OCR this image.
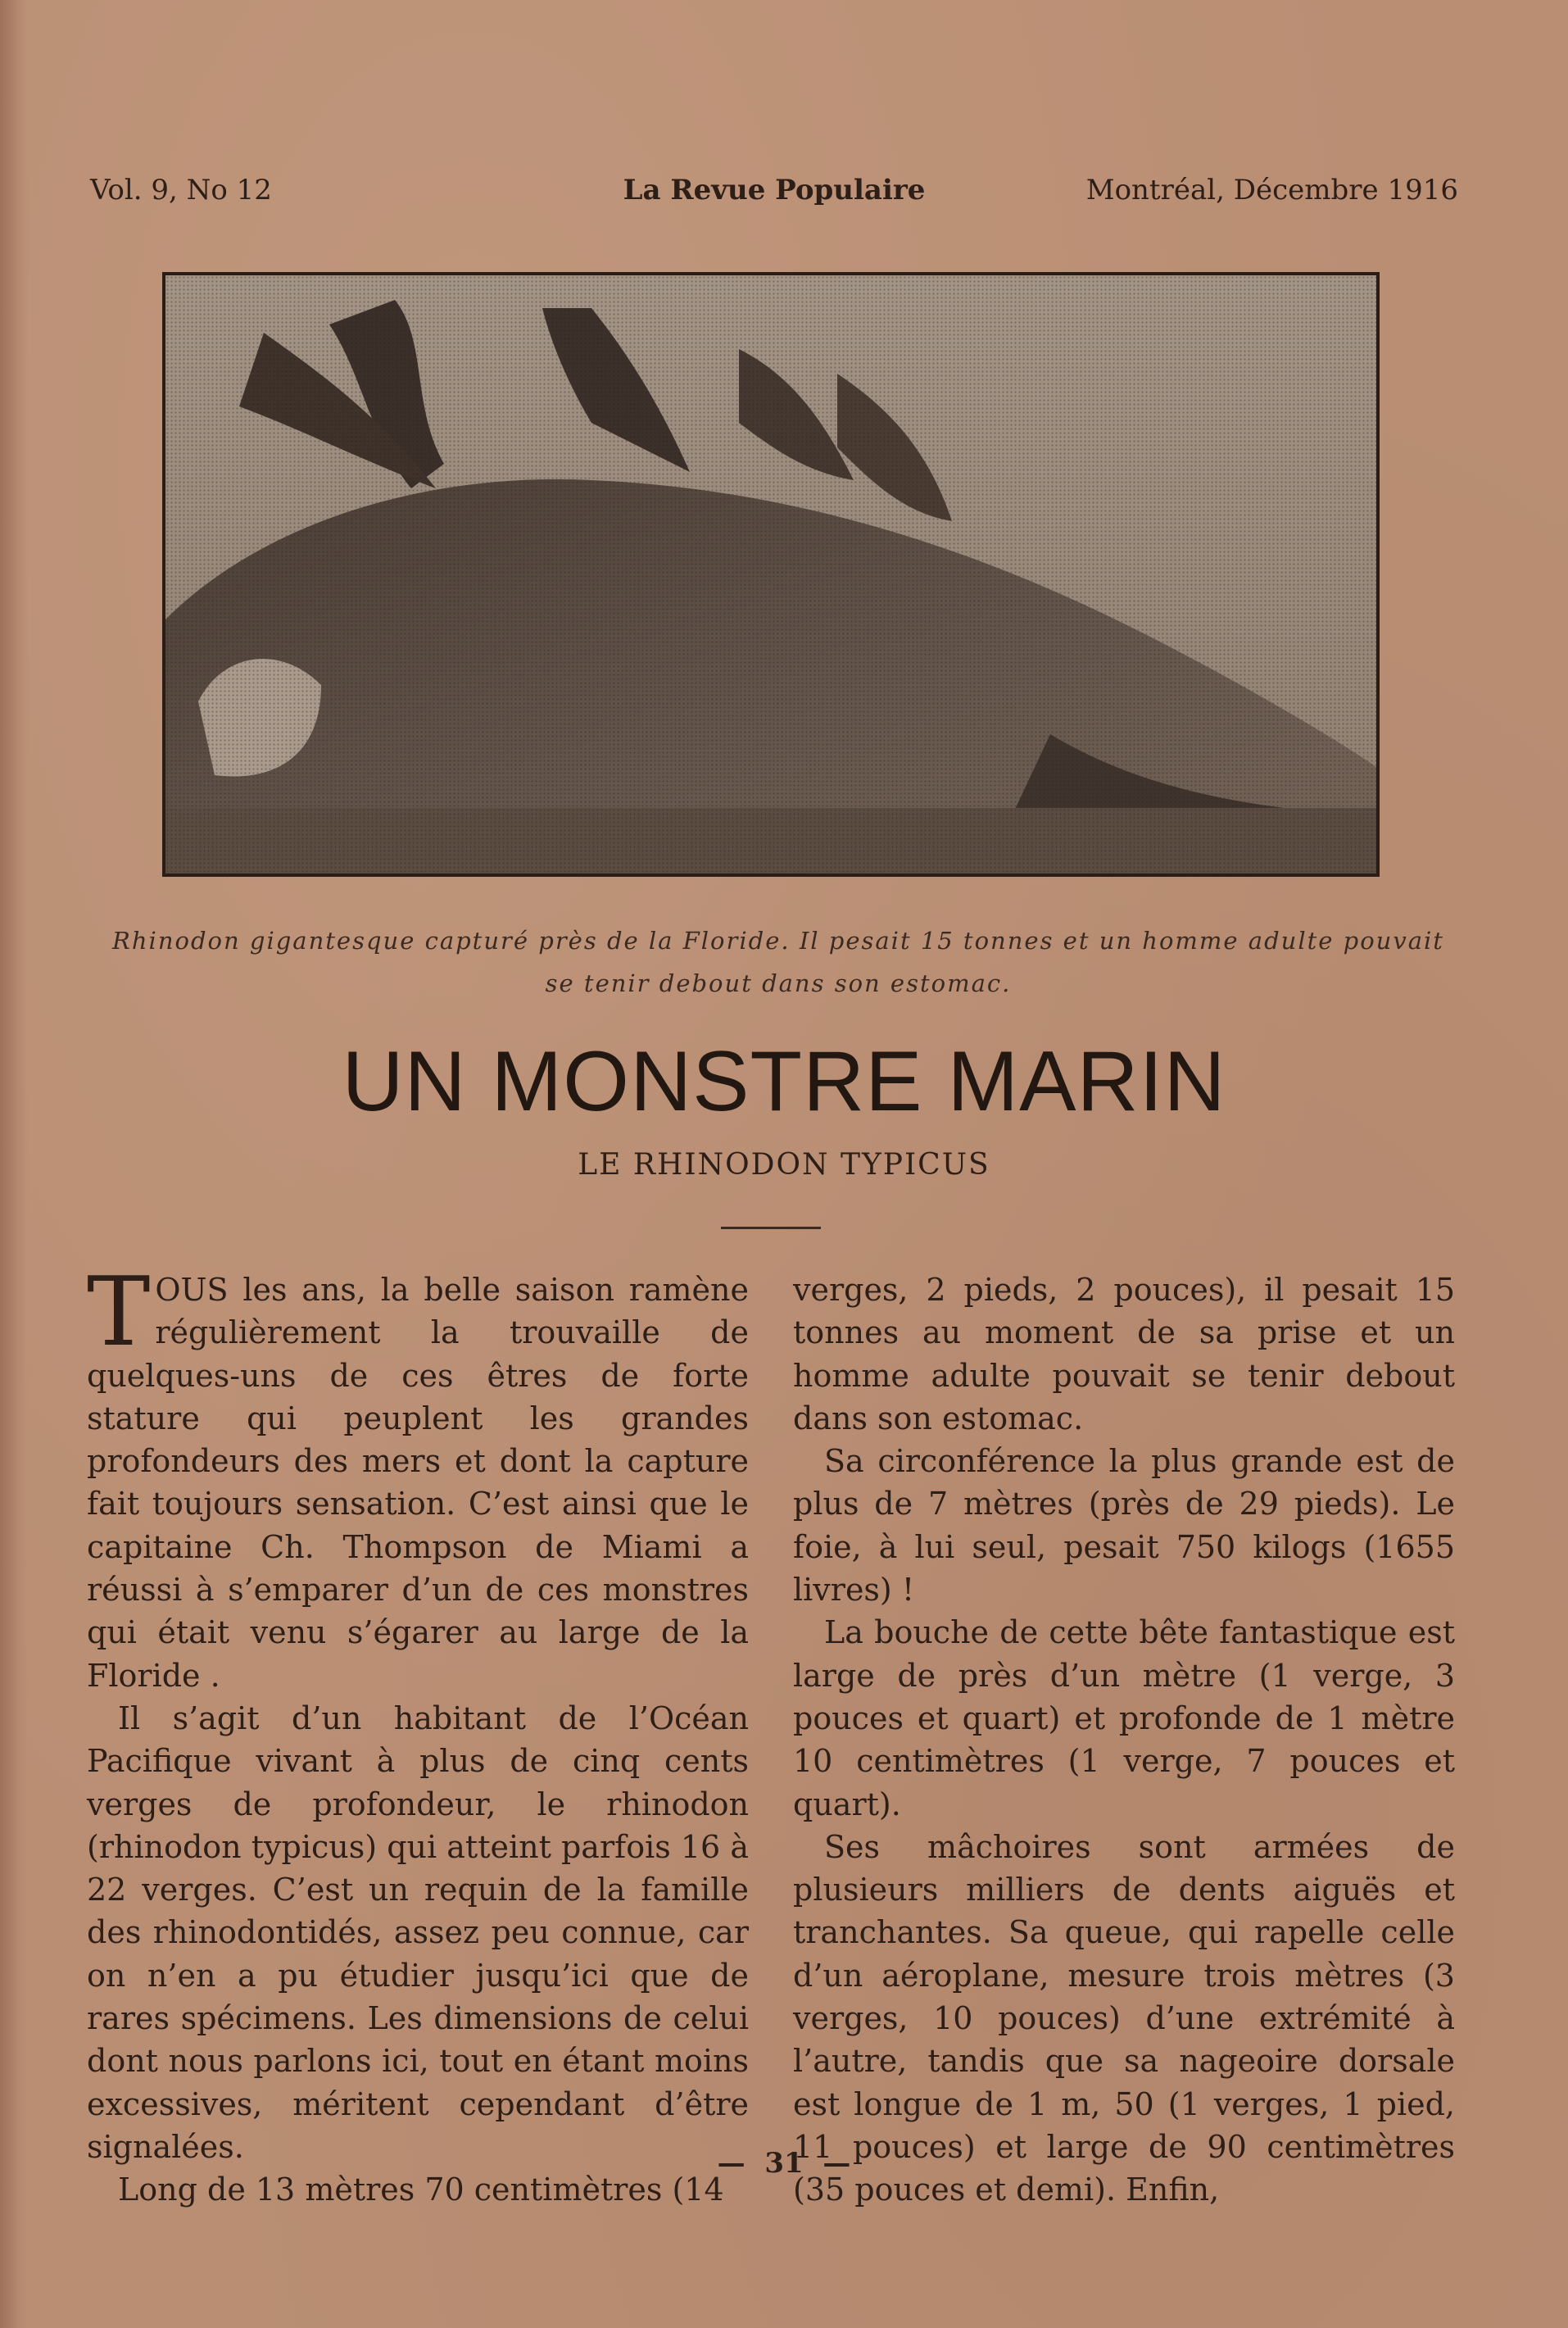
Vol. 9, No 12	La Revue Populaire	Montréal, Décembre 1916
Rhinodon gigantesque capturé près de la Floride. Il pesait 15 tonnes et un homme adulte pouvait
se tenir debout dans son estomac.
UN MONSTRE MARIN
LE RHINODON TYPICUS

TOUS les ans, la belle saison ramène régulièrement la trouvaille de quelques-uns de ces êtres de forte stature qui peuplent les grandes profondeurs des mers et dont la capture fait toujours sensation. C’est ainsi que le capitaine Ch. Thompson de Miami a réussi à s’emparer d’un de ces monstres qui était venu s’égarer au large de la Floride .

Il s’agit d’un habitant de l’Océan Pacifique vivant à plus de cinq cents verges de profondeur, le rhinodon (rhinodon typicus) qui atteint parfois 16 à 22 verges. C’est un requin de la famille des rhinodontidés, assez peu connue, car on n’en a pu étudier jusqu’ici que de rares spécimens. Les dimensions de celui dont nous parlons ici, tout en étant moins excessives, méritent cependant d’être signalées.

Long de 13 mètres 70 centimètres (14

verges, 2 pieds, 2 pouces), il pesait 15 tonnes au moment de sa prise et un homme adulte pouvait se tenir debout dans son estomac.

Sa circonférence la plus grande est de plus de 7 mètres (près de 29 pieds). Le foie, à lui seul, pesait 750 kilogs (1655 livres) !

La bouche de cette bête fantastique est large de près d’un mètre (1 verge, 3 pouces et quart) et profonde de 1 mètre 10 centimètres (1 verge, 7 pouces et quart).

Ses mâchoires sont armées de plusieurs milliers de dents aiguës et tranchantes. Sa queue, qui rapelle celle d’un aéroplane, mesure trois mètres (3 verges, 10 pouces) d’une extrémité à l’autre, tandis que sa nageoire dorsale est longue de 1 m, 50 (1 verges, 1 pied, 11 pouces) et large de 90 centimètres (35 pouces et demi). Enfin,

—  31  —
